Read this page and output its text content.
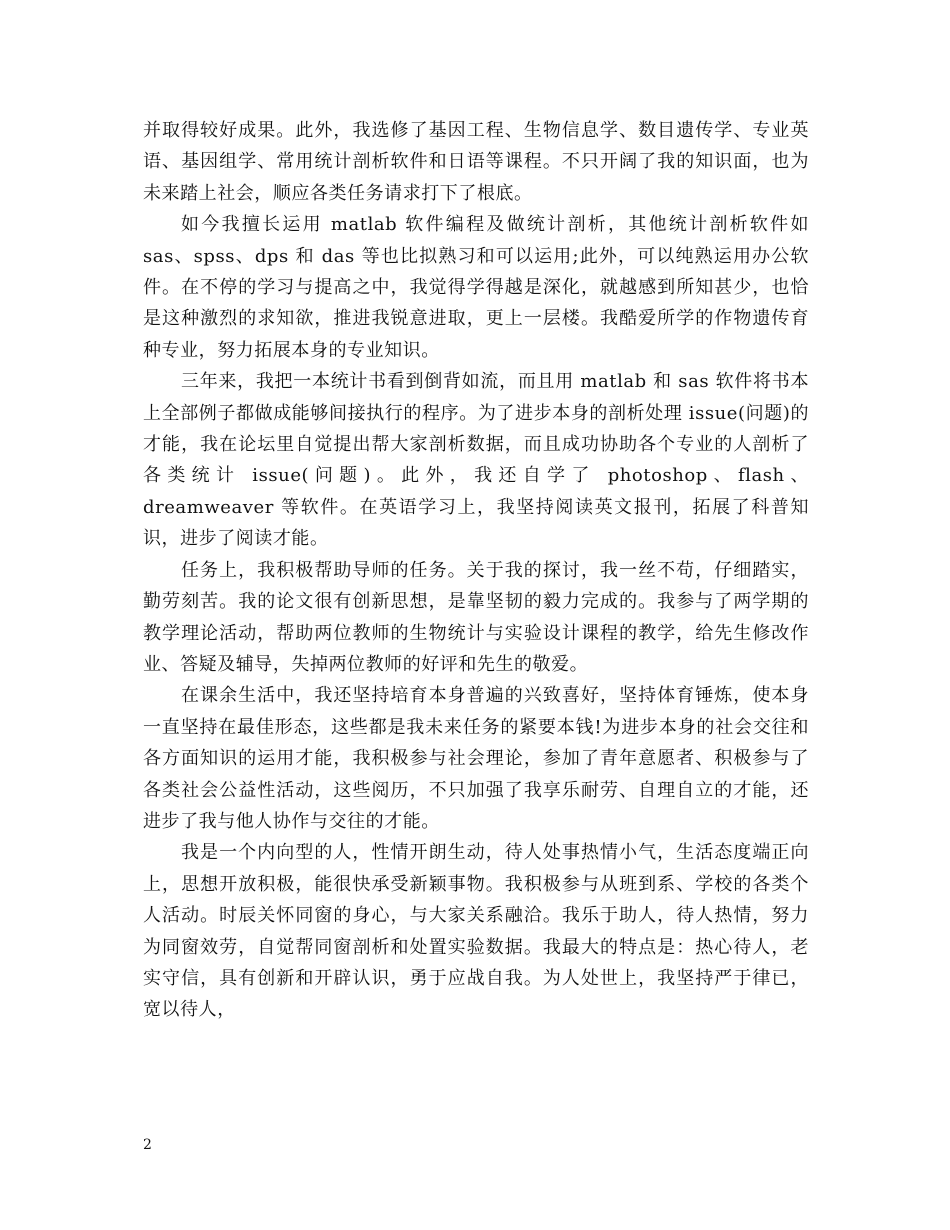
并取得较好成果。此外，我选修了基因工程、生物信息学、数目遗传学、专业英语、基因组学、常用统计剖析软件和日语等课程。不只开阔了我的知识面，也为未来踏上社会，顺应各类任务请求打下了根底。

如今我擅长运用 matlab 软件编程及做统计剖析，其他统计剖析软件如 sas、spss、dps 和 das 等也比拟熟习和可以运用;此外，可以纯熟运用办公软件。在不停的学习与提高之中，我觉得学得越是深化，就越感到所知甚少，也恰是这种激烈的求知欲，推进我锐意进取，更上一层楼。我酷爱所学的作物遗传育种专业，努力拓展本身的专业知识。

三年来，我把一本统计书看到倒背如流，而且用 matlab 和 sas 软件将书本上全部例子都做成能够间接执行的程序。为了进步本身的剖析处理 issue(问题)的才能，我在论坛里自觉提出帮大家剖析数据，而且成功协助各个专业的人剖析了各类统计 issue(问题)。此外，我还自学了 photoshop、flash、dreamweaver 等软件。在英语学习上，我坚持阅读英文报刊，拓展了科普知识，进步了阅读才能。

任务上，我积极帮助导师的任务。关于我的探讨，我一丝不苟，仔细踏实，勤劳刻苦。我的论文很有创新思想，是靠坚韧的毅力完成的。我参与了两学期的教学理论活动，帮助两位教师的生物统计与实验设计课程的教学，给先生修改作业、答疑及辅导，失掉两位教师的好评和先生的敬爱。

在课余生活中，我还坚持培育本身普遍的兴致喜好，坚持体育锤炼，使本身一直坚持在最佳形态，这些都是我未来任务的紧要本钱!为进步本身的社会交往和各方面知识的运用才能，我积极参与社会理论，参加了青年意愿者、积极参与了各类社会公益性活动，这些阅历，不只加强了我享乐耐劳、自理自立的才能，还进步了我与他人协作与交往的才能。

我是一个内向型的人，性情开朗生动，待人处事热情小气，生活态度端正向上，思想开放积极，能很快承受新颖事物。我积极参与从班到系、学校的各类个人活动。时辰关怀同窗的身心，与大家关系融洽。我乐于助人，待人热情，努力为同窗效劳，自觉帮同窗剖析和处置实验数据。我最大的特点是：热心待人，老实守信，具有创新和开辟认识，勇于应战自我。为人处世上，我坚持严于律已，宽以待人，

2
